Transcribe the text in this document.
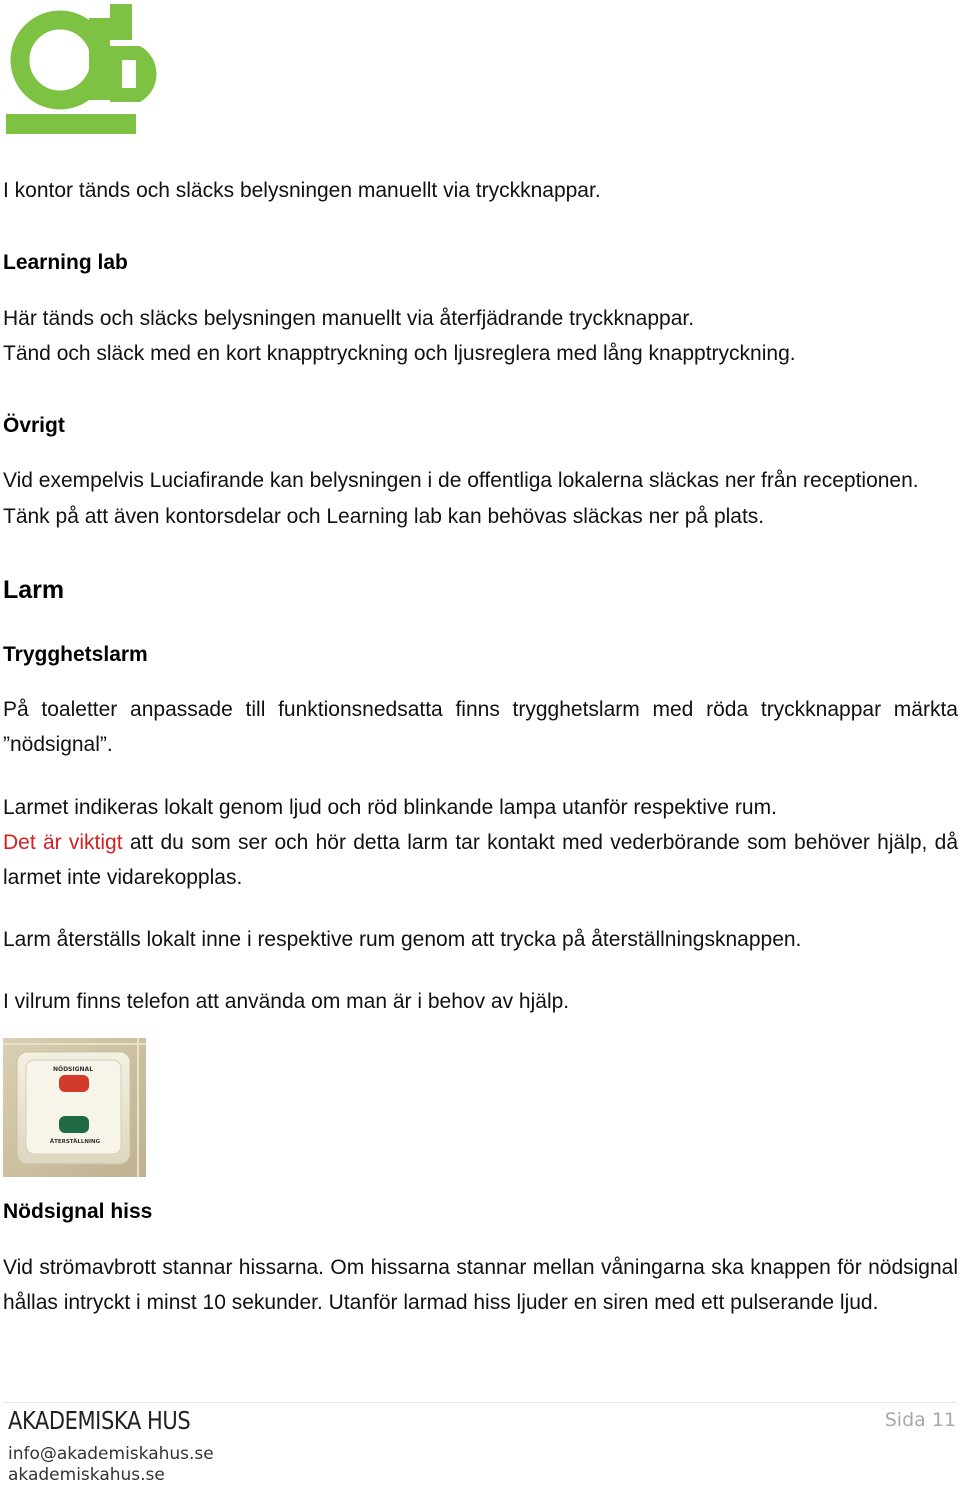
I kontor tänds och släcks belysningen manuellt via tryckknappar.

Learning lab

Här tänds och släcks belysningen manuellt via återfjädrande tryckknappar.

Tänd och släck med en kort knapptryckning och ljusreglera med lång knapptryckning.

Övrigt

Vid exempelvis Luciafirande kan belysningen i de offentliga lokalerna släckas ner från receptionen.

Tänk på att även kontorsdelar och Learning lab kan behövas släckas ner på plats.

Larm
Trygghetslarm

På toaletter anpassade till funktionsnedsatta finns trygghetslarm med röda tryckknappar märkta ”nödsignal”.

Larmet indikeras lokalt genom ljud och röd blinkande lampa utanför respektive rum.
Det är viktigt att du som ser och hör detta larm tar kontakt med vederbörande som behöver hjälp, då larmet inte vidarekopplas.

Larm återställs lokalt inne i respektive rum genom att trycka på återställningsknappen.

I vilrum finns telefon att använda om man är i behov av hjälp.

NÖDSIGNAL
ÅTERSTÄLLNING
Nödsignal hiss

Vid strömavbrott stannar hissarna. Om hissarna stannar mellan våningarna ska knappen för nödsignal hållas intryckt i minst 10 sekunder. Utanför larmad hiss ljuder en siren med ett pulserande ljud.

AKADEMISKA HUS
info@akademiskahus.se
akademiskahus.se
Sida 11
